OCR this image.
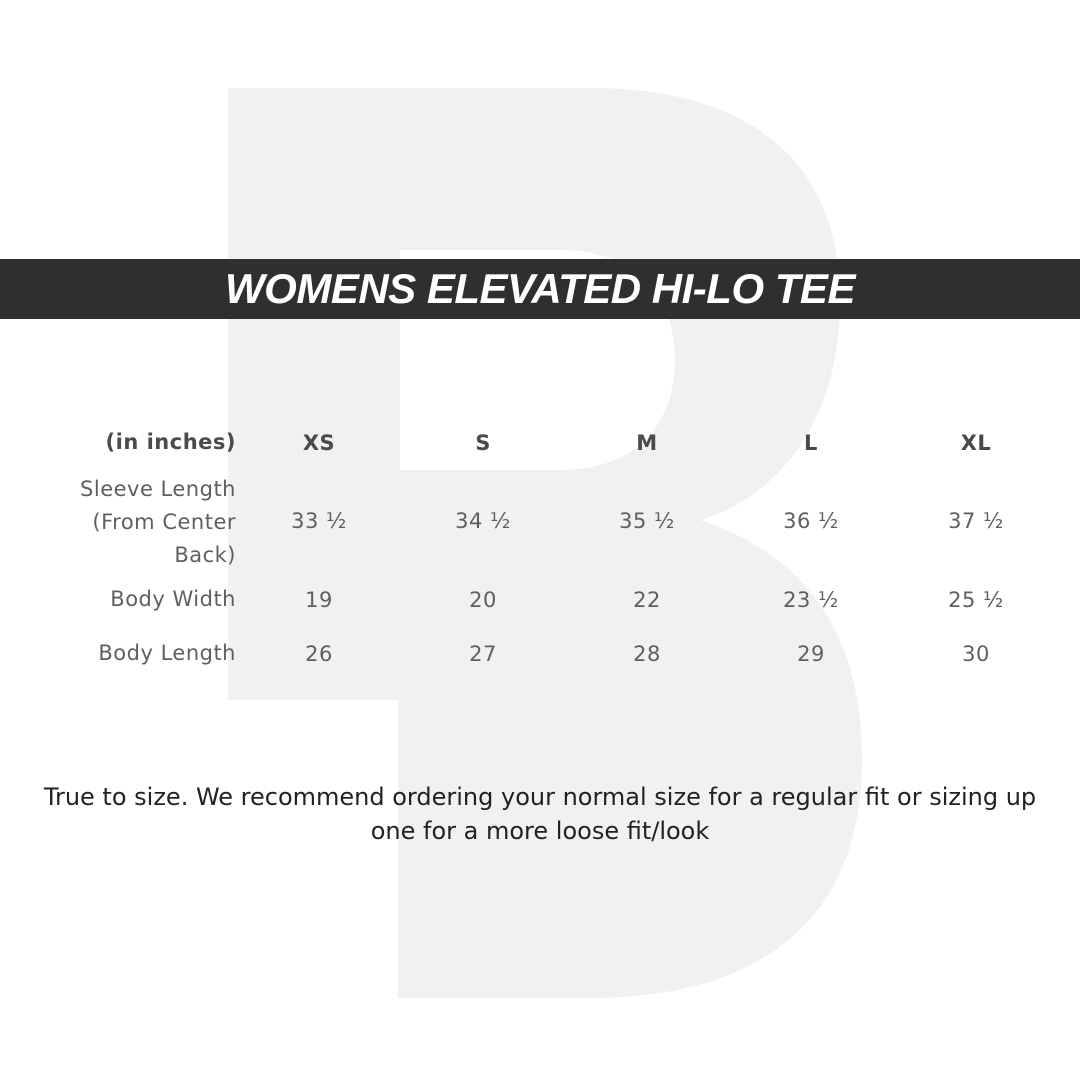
WOMENS ELEVATED HI-LO TEE
(in inches)	XS	S	M	L	XL
Sleeve Length
(From Center
Back)
33 ½	34 ½	35 ½	36 ½	37 ½
Body Width	19	20	22	23 ½	25 ½
Body Length	26	27	28	29	30

True to size. We recommend ordering your normal size for a regular fit or sizing up one for a more loose fit/look
